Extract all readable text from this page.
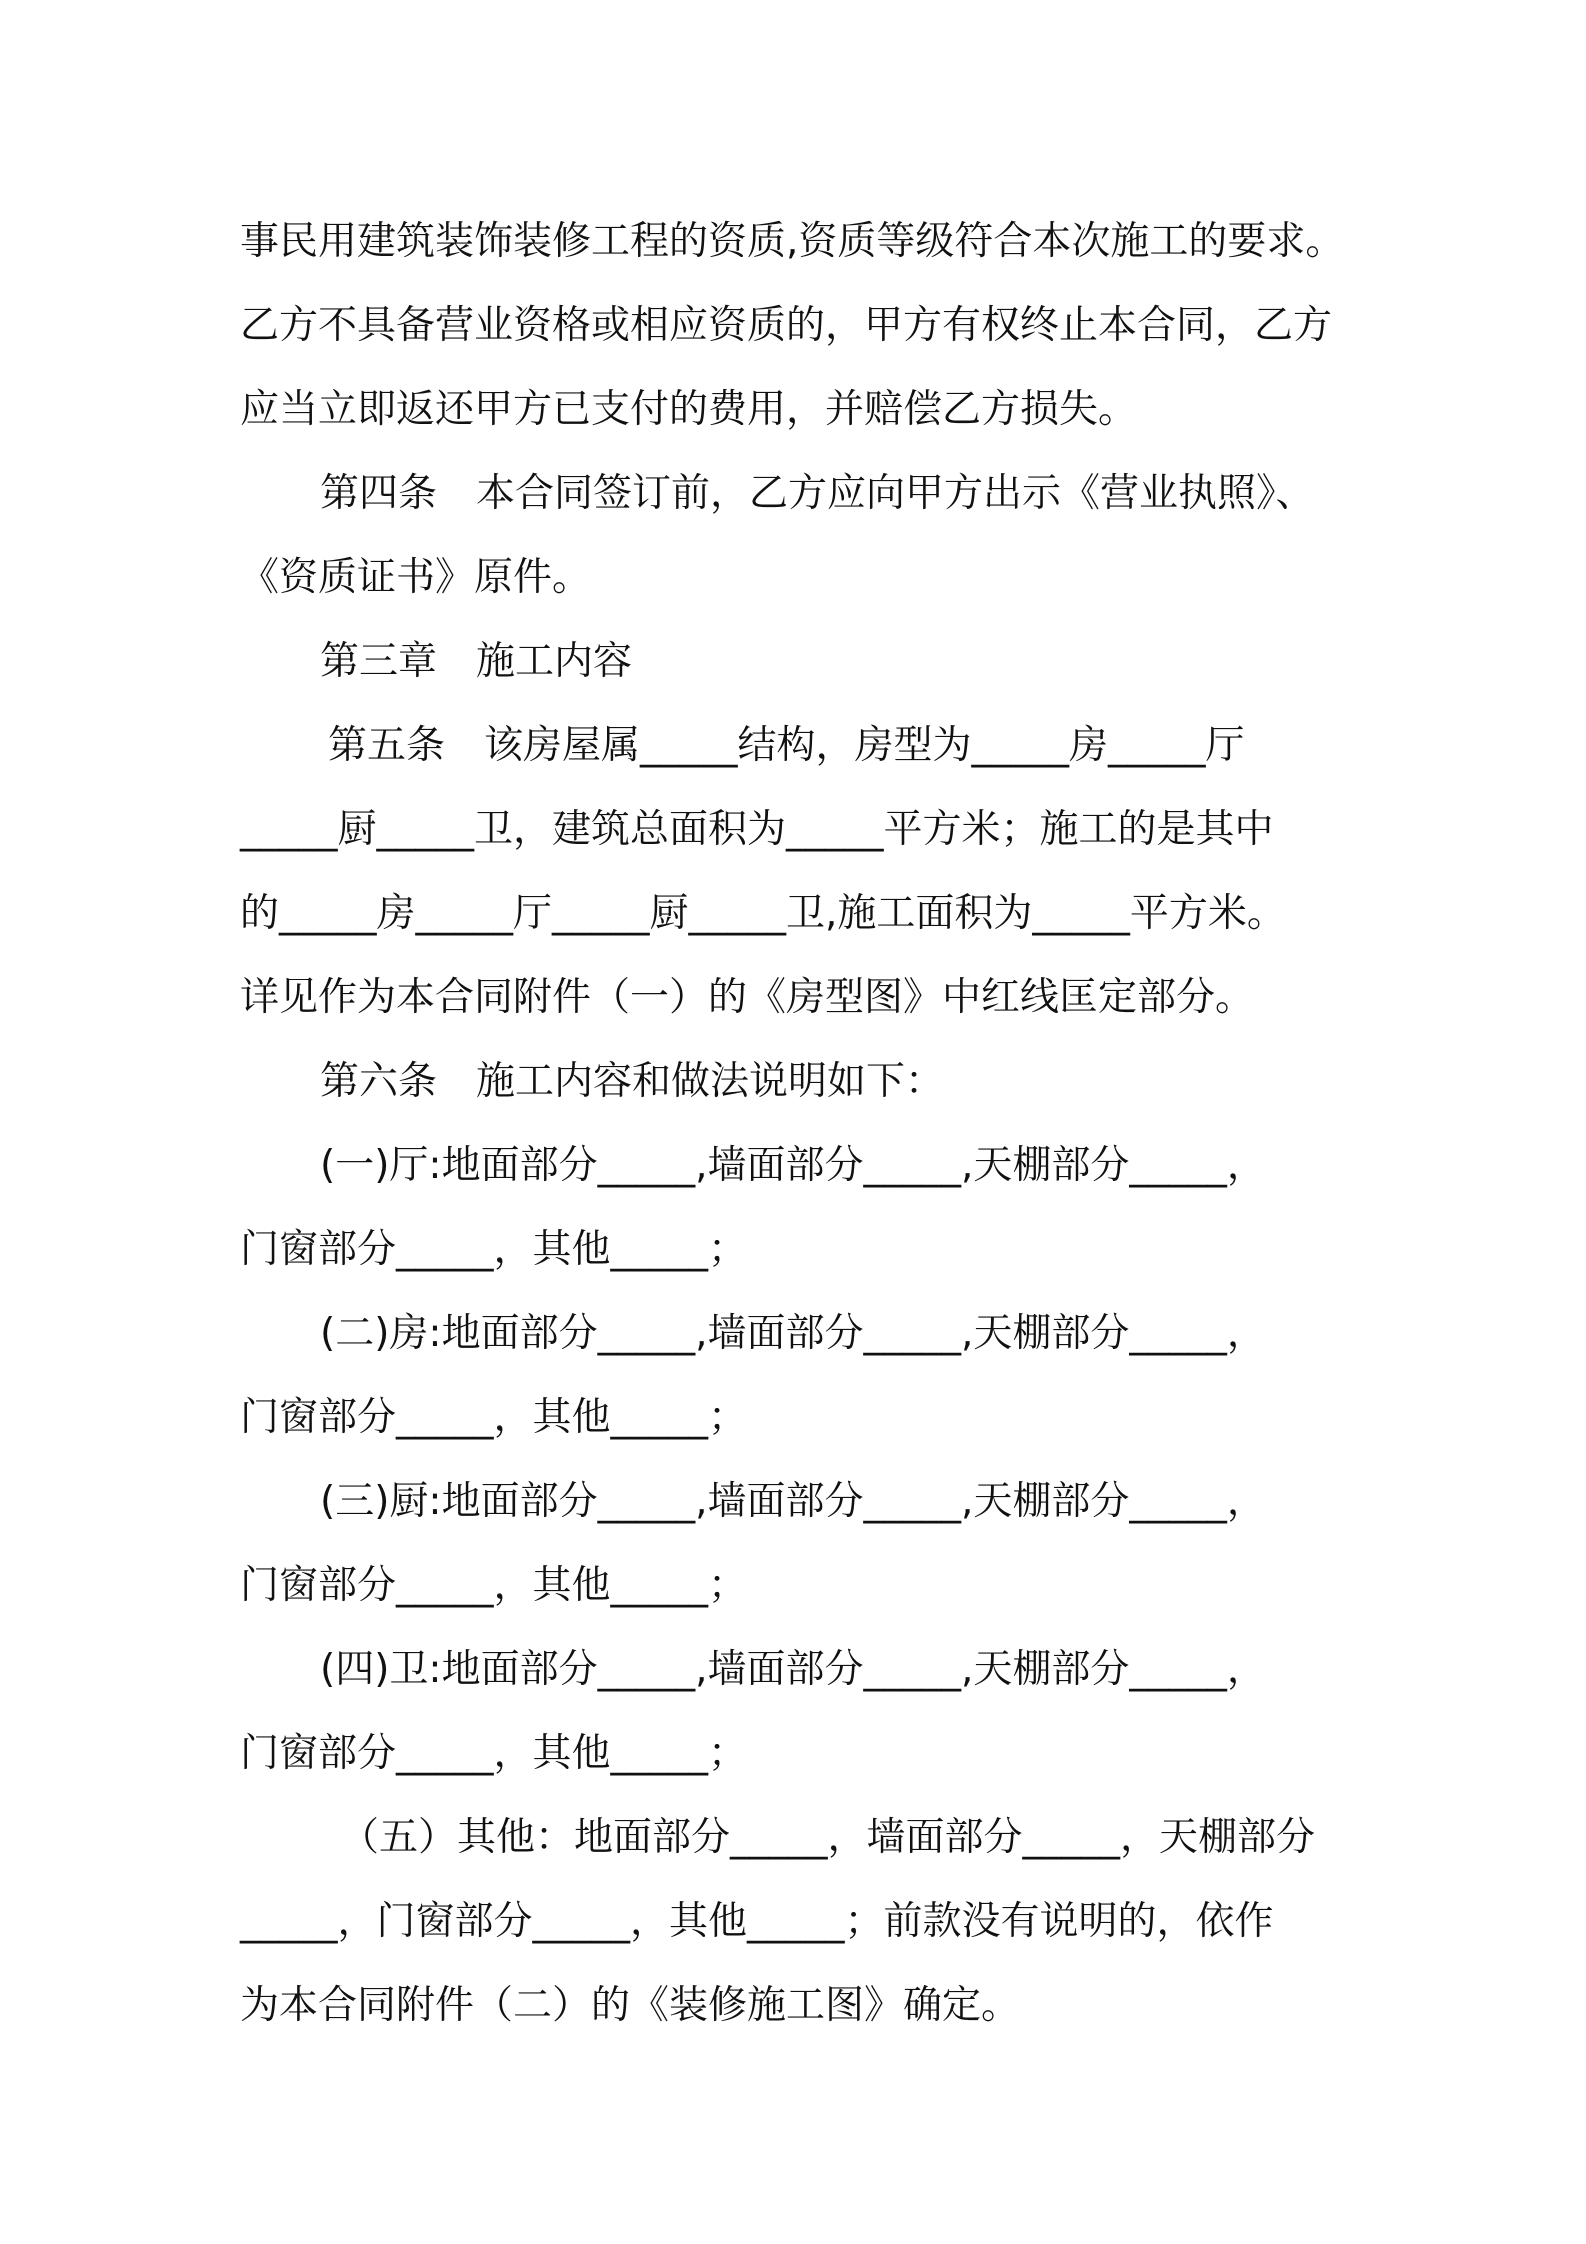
事民用建筑装饰装修工程的资质,资质等级符合本次施工的要求。

乙方不具备营业资格或相应资质的，甲方有权终止本合同，乙方

应当立即返还甲方已支付的费用，并赔偿乙方损失。

第四条　本合同签订前，乙方应向甲方出示《营业执照》、

《资质证书》原件。

第三章　施工内容

第五条　该房屋属_____结构，房型为_____房_____厅

_____厨_____卫，建筑总面积为_____平方米；施工的是其中

的_____房_____厅_____厨_____卫,施工面积为_____平方米。

详见作为本合同附件（一）的《房型图》中红线匡定部分。

第六条　施工内容和做法说明如下：

(一)厅:地面部分_____,墙面部分_____,天棚部分_____，

门窗部分_____，其他_____；

(二)房:地面部分_____,墙面部分_____,天棚部分_____，

门窗部分_____，其他_____；

(三)厨:地面部分_____,墙面部分_____,天棚部分_____，

门窗部分_____，其他_____；

(四)卫:地面部分_____,墙面部分_____,天棚部分_____，

门窗部分_____，其他_____；

（五）其他：地面部分_____，墙面部分_____，天棚部分

_____，门窗部分_____，其他_____；前款没有说明的，依作

为本合同附件（二）的《装修施工图》确定。
